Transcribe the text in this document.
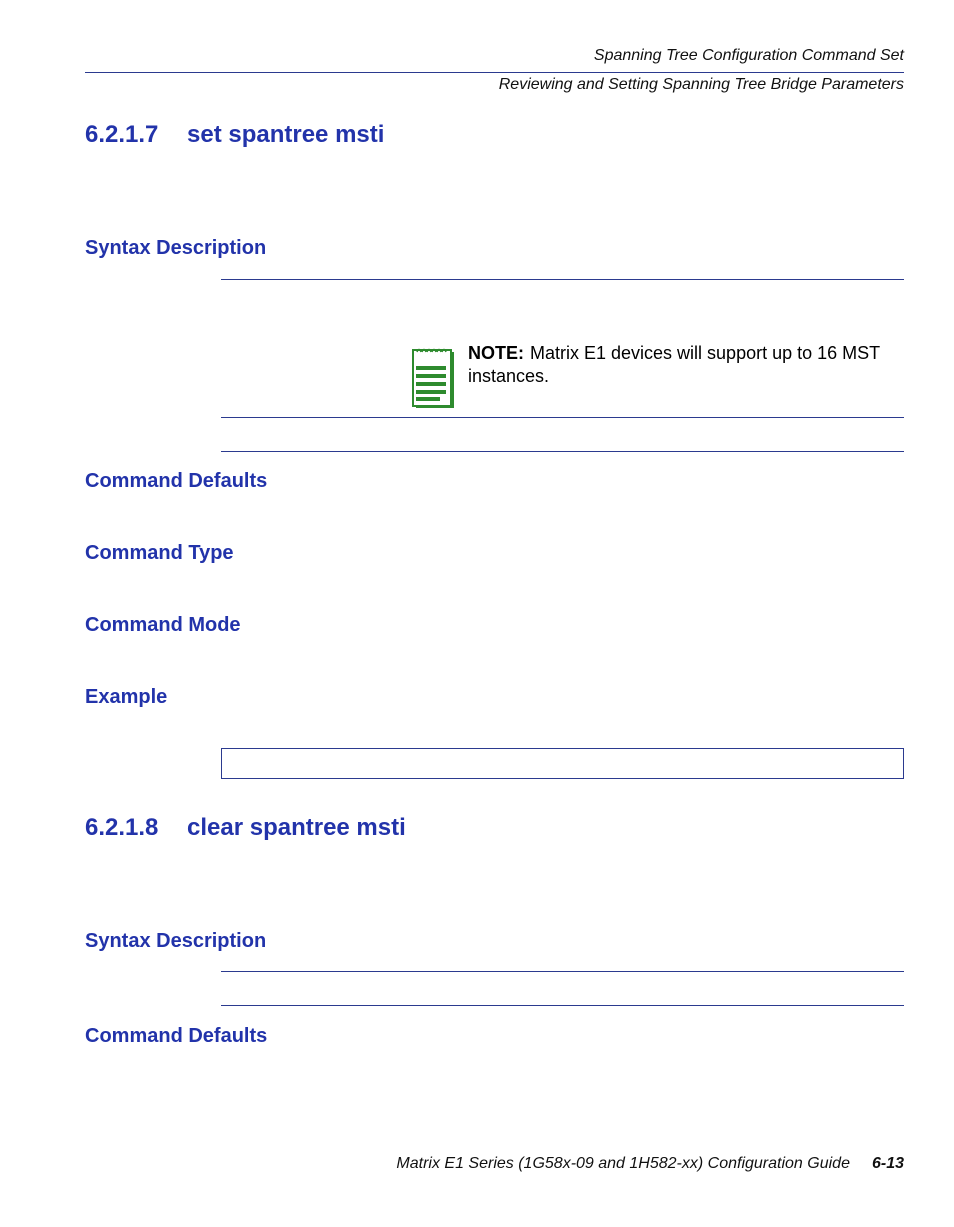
Spanning Tree Configuration Command Set
Reviewing and Setting Spanning Tree Bridge Parameters
6.2.1.7 set spantree msti
Syntax Description
NOTE: Matrix E1 devices will support up to 16 MST instances.
Command Defaults
Command Type
Command Mode
Example
6.2.1.8 clear spantree msti
Syntax Description
Command Defaults
Matrix E1 Series (1G58x-09 and 1H582-xx) Configuration Guide 6-13
